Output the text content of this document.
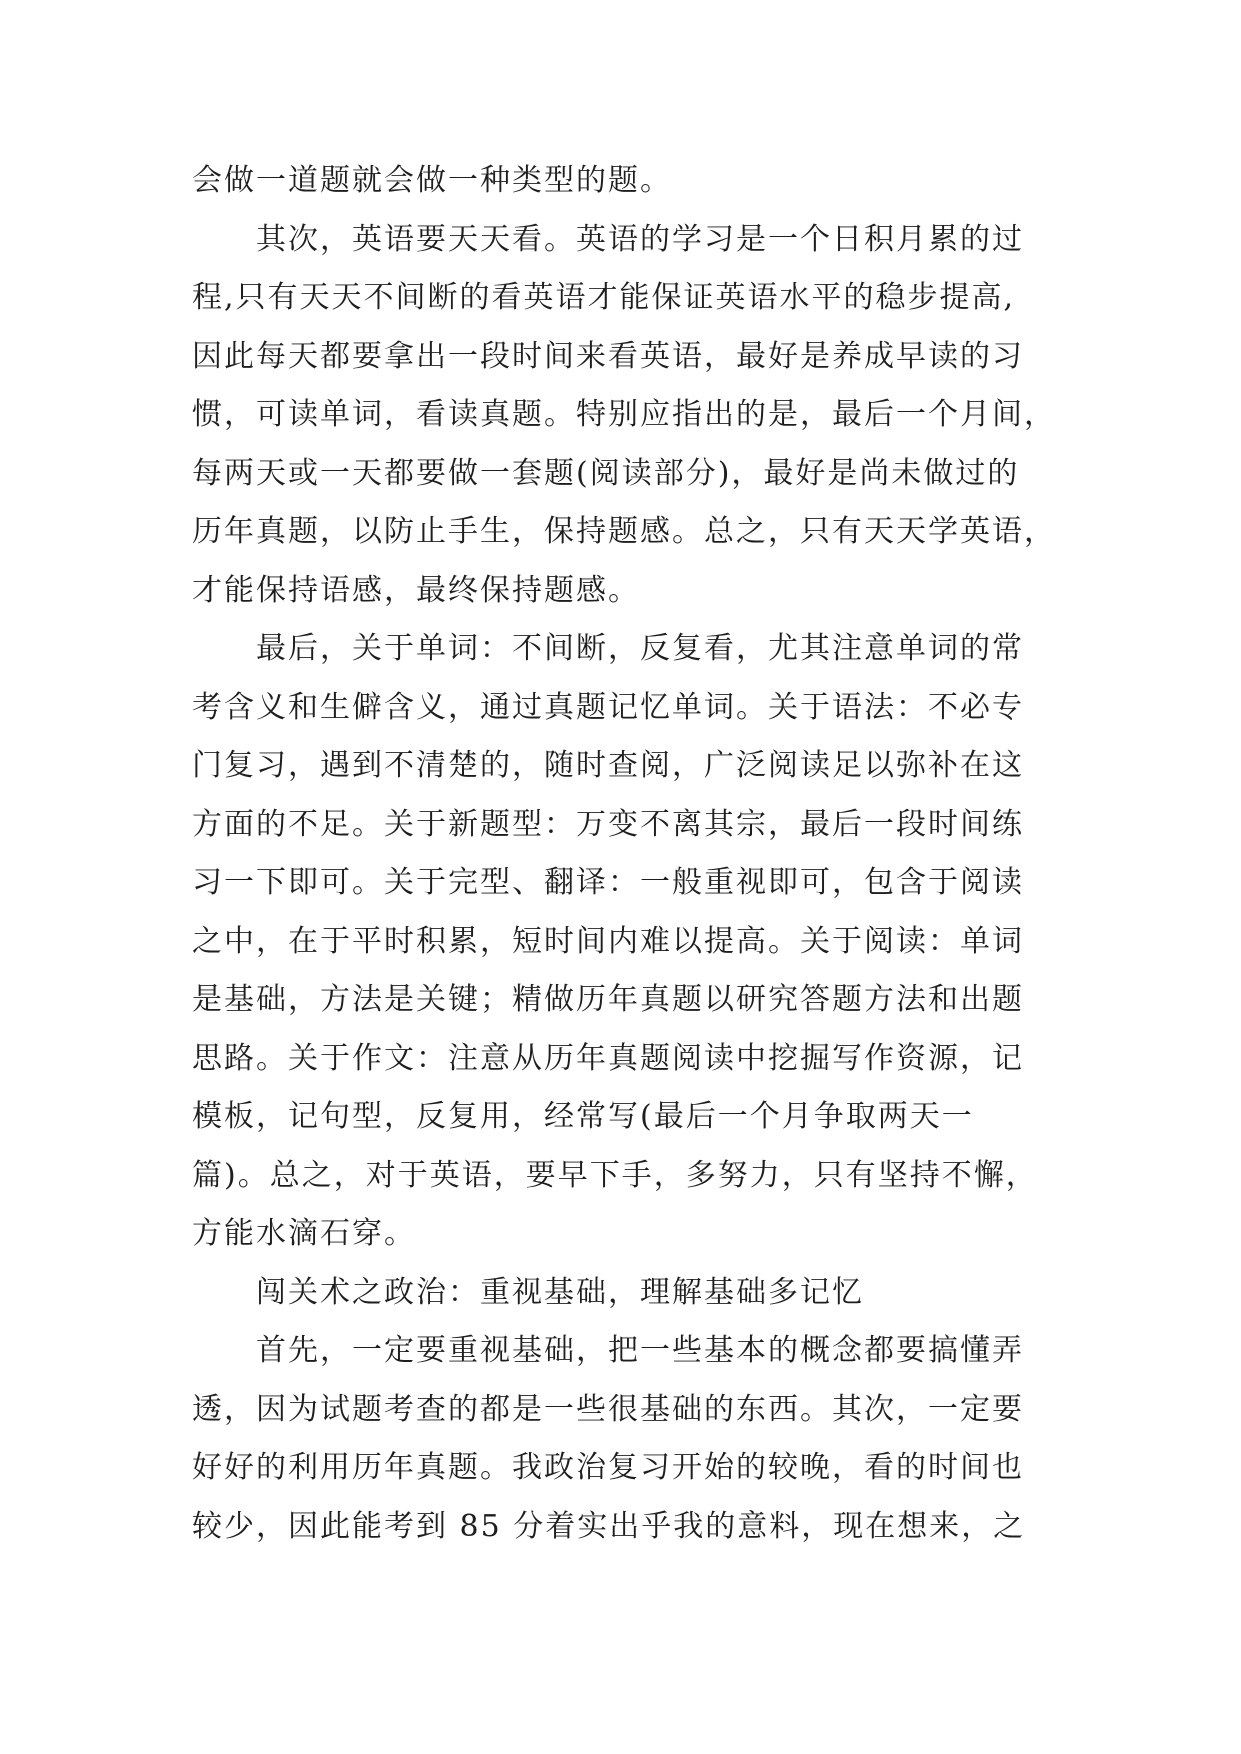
会做一道题就会做一种类型的题。
其次，英语要天天看。英语的学习是一个日积月累的过
程,只有天天不间断的看英语才能保证英语水平的稳步提高,
因此每天都要拿出一段时间来看英语，最好是养成早读的习
惯，可读单词，看读真题。特别应指出的是，最后一个月间，
每两天或一天都要做一套题(阅读部分)，最好是尚未做过的
历年真题，以防止手生，保持题感。总之，只有天天学英语，
才能保持语感，最终保持题感。
最后，关于单词：不间断，反复看，尤其注意单词的常
考含义和生僻含义，通过真题记忆单词。关于语法：不必专
门复习，遇到不清楚的，随时查阅，广泛阅读足以弥补在这
方面的不足。关于新题型：万变不离其宗，最后一段时间练
习一下即可。关于完型、翻译：一般重视即可，包含于阅读
之中，在于平时积累，短时间内难以提高。关于阅读：单词
是基础，方法是关键；精做历年真题以研究答题方法和出题
思路。关于作文：注意从历年真题阅读中挖掘写作资源，记
模板，记句型，反复用，经常写(最后一个月争取两天一
篇)。总之，对于英语，要早下手，多努力，只有坚持不懈，
方能水滴石穿。
闯关术之政治：重视基础，理解基础多记忆
首先，一定要重视基础，把一些基本的概念都要搞懂弄
透，因为试题考查的都是一些很基础的东西。其次，一定要
好好的利用历年真题。我政治复习开始的较晚，看的时间也
较少，因此能考到 85 分着实出乎我的意料，现在想来，之
